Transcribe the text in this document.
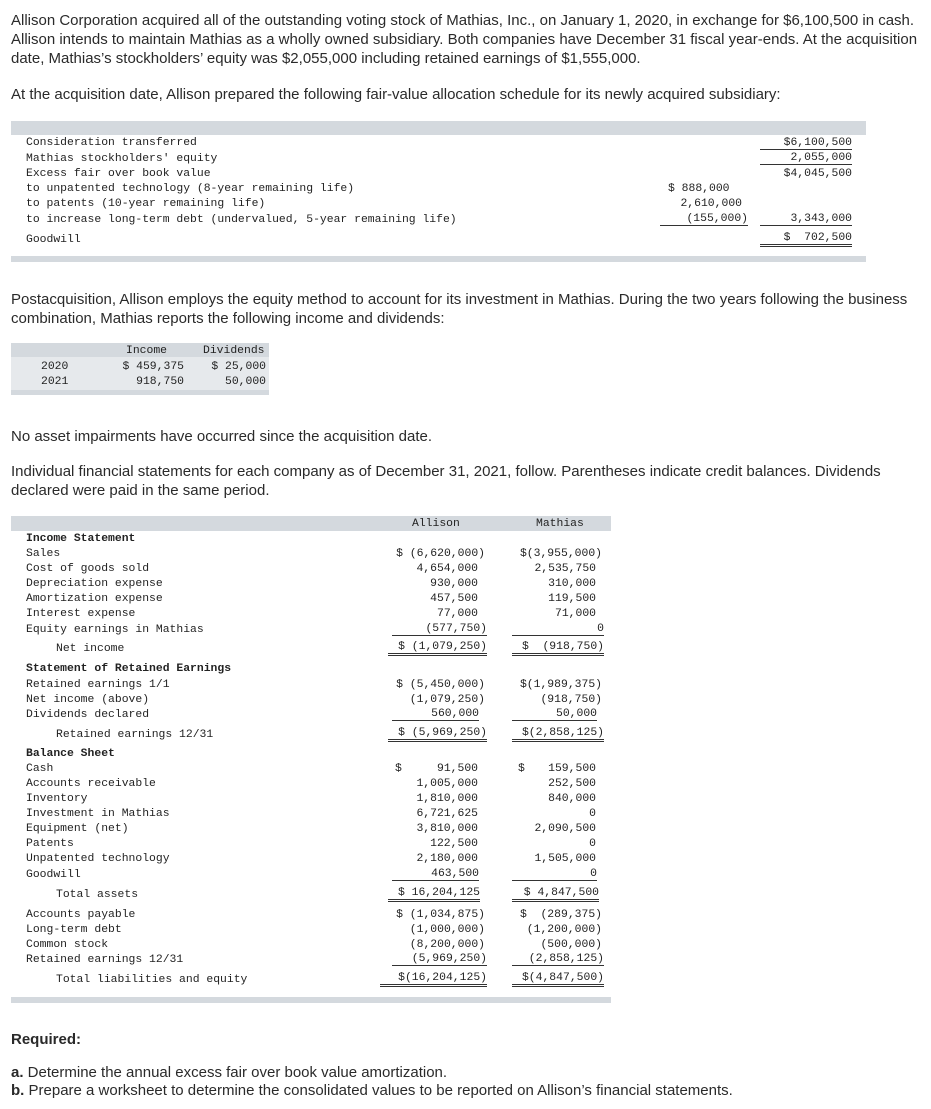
Allison Corporation acquired all of the outstanding voting stock of Mathias, Inc., on January 1, 2020, in exchange for $6,100,500 in cash. Allison intends to maintain Mathias as a wholly owned subsidiary. Both companies have December 31 fiscal year-ends. At the acquisition date, Mathias’s stockholders’ equity was $2,055,000 including retained earnings of $1,555,000.
At the acquisition date, Allison prepared the following fair-value allocation schedule for its newly acquired subsidiary:
Consideration transferred	$6,100,500
Mathias stockholders' equity	2,055,000
Excess fair over book value	$4,045,500
to unpatented technology (8-year remaining life)	$ 888,000
to patents (10-year remaining life)	2,610,000
to increase long-term debt (undervalued, 5-year remaining life)	(155,000)	3,343,000
Goodwill	$  702,500
Postacquisition, Allison employs the equity method to account for its investment in Mathias. During the two years following the business combination, Mathias reports the following income and dividends:
Income	Dividends
2020	$ 459,375	$ 25,000
2021	918,750	50,000
No asset impairments have occurred since the acquisition date.
Individual financial statements for each company as of December 31, 2021, follow. Parentheses indicate credit balances. Dividends declared were paid in the same period.
Allison	Mathias
Income Statement
Sales	$ (6,620,000)	$(3,955,000)
Cost of goods sold	4,654,000	2,535,750
Depreciation expense	930,000	310,000
Amortization expense	457,500	119,500
Interest expense	77,000	71,000
Equity earnings in Mathias	(577,750)	0
Net income	$ (1,079,250)	$  (918,750)
Statement of Retained Earnings
Retained earnings 1/1	$ (5,450,000)	$(1,989,375)
Net income (above)	(1,079,250)	(918,750)
Dividends declared	560,000	50,000
Retained earnings 12/31	$ (5,969,250)	$(2,858,125)
Balance Sheet
$	$
Cash	91,500	159,500
Accounts receivable	1,005,000	252,500
Inventory	1,810,000	840,000
Investment in Mathias	6,721,625	0
Equipment (net)	3,810,000	2,090,500
Patents	122,500	0
Unpatented technology	2,180,000	1,505,000
Goodwill	463,500	0
Total assets	$ 16,204,125	$ 4,847,500
Accounts payable	$ (1,034,875)	$  (289,375)
Long-term debt	(1,000,000)	(1,200,000)
Common stock	(8,200,000)	(500,000)
Retained earnings 12/31	(5,969,250)	(2,858,125)
Total liabilities and equity	$(16,204,125)	$(4,847,500)
Required:
a. Determine the annual excess fair over book value amortization.
b. Prepare a worksheet to determine the consolidated values to be reported on Allison’s financial statements.
